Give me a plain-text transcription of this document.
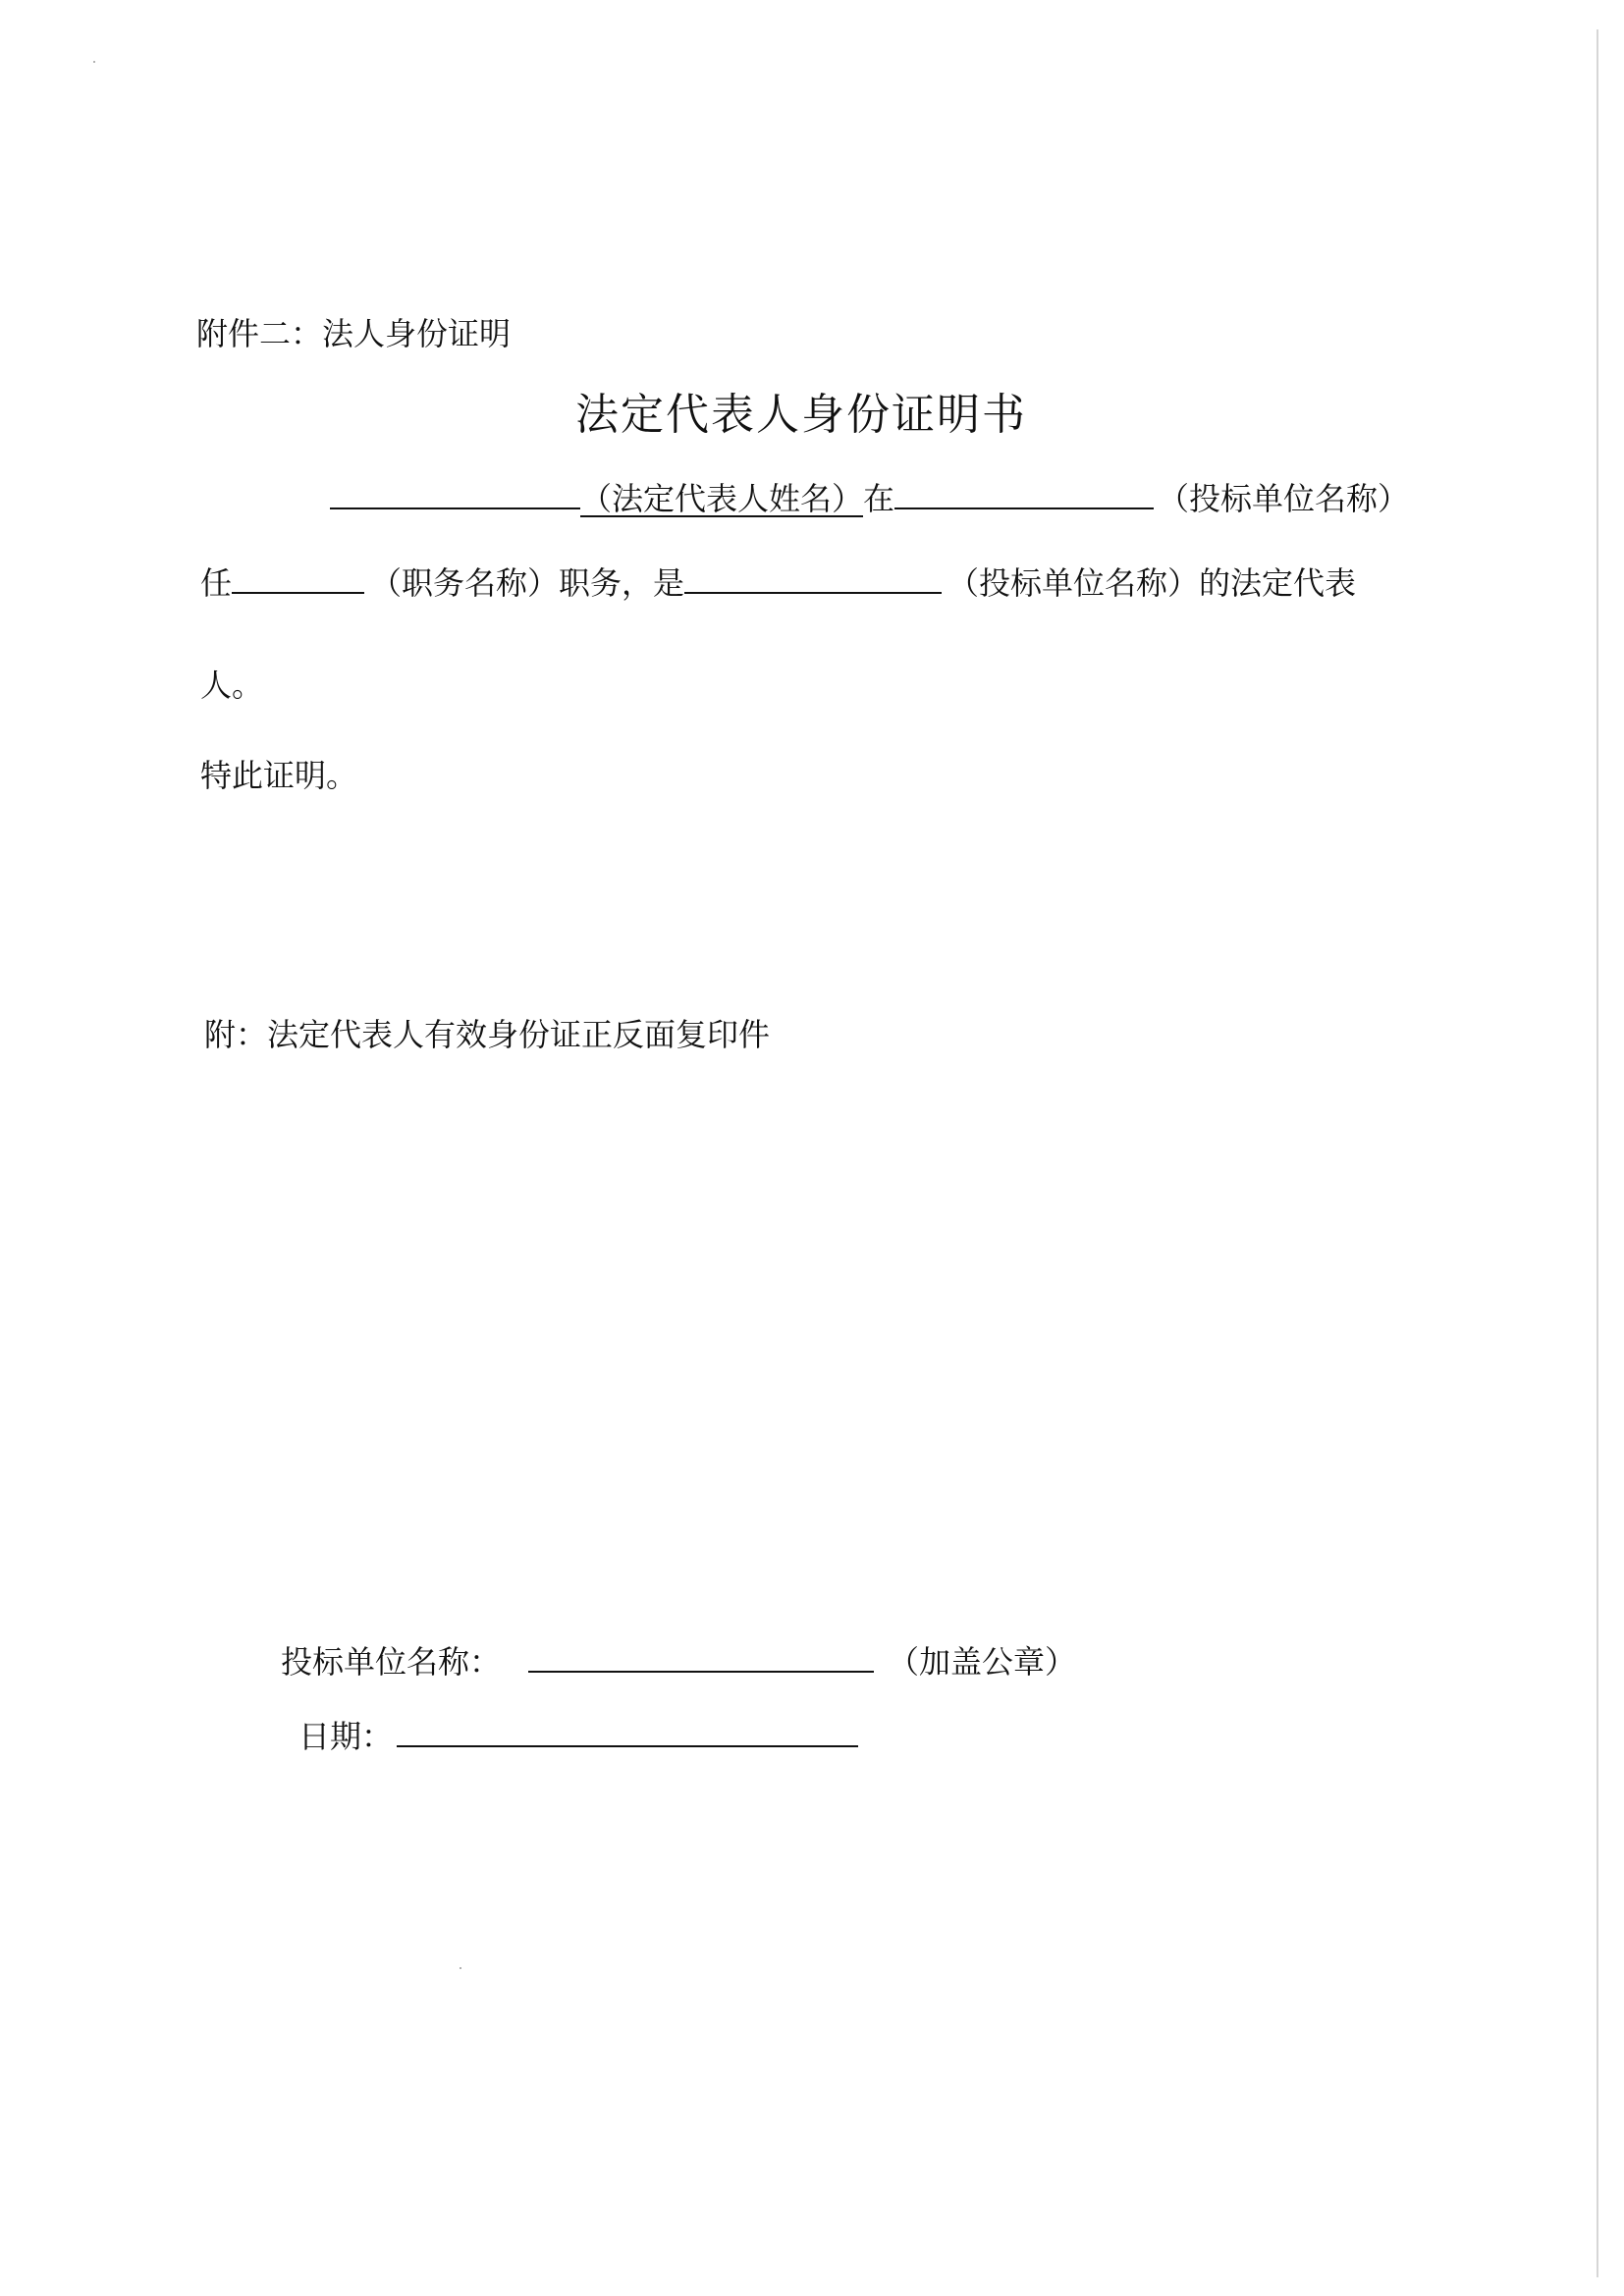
附件二：法人身份证明
法定代表人身份证明书
（法定代表人姓名）在	（投标单位名称）
任	（职务名称）职务，是	（投标单位名称）的法定代表
人。
特此证明。
附：法定代表人有效身份证正反面复印件
投标单位名称：	（加盖公章）
日期：
